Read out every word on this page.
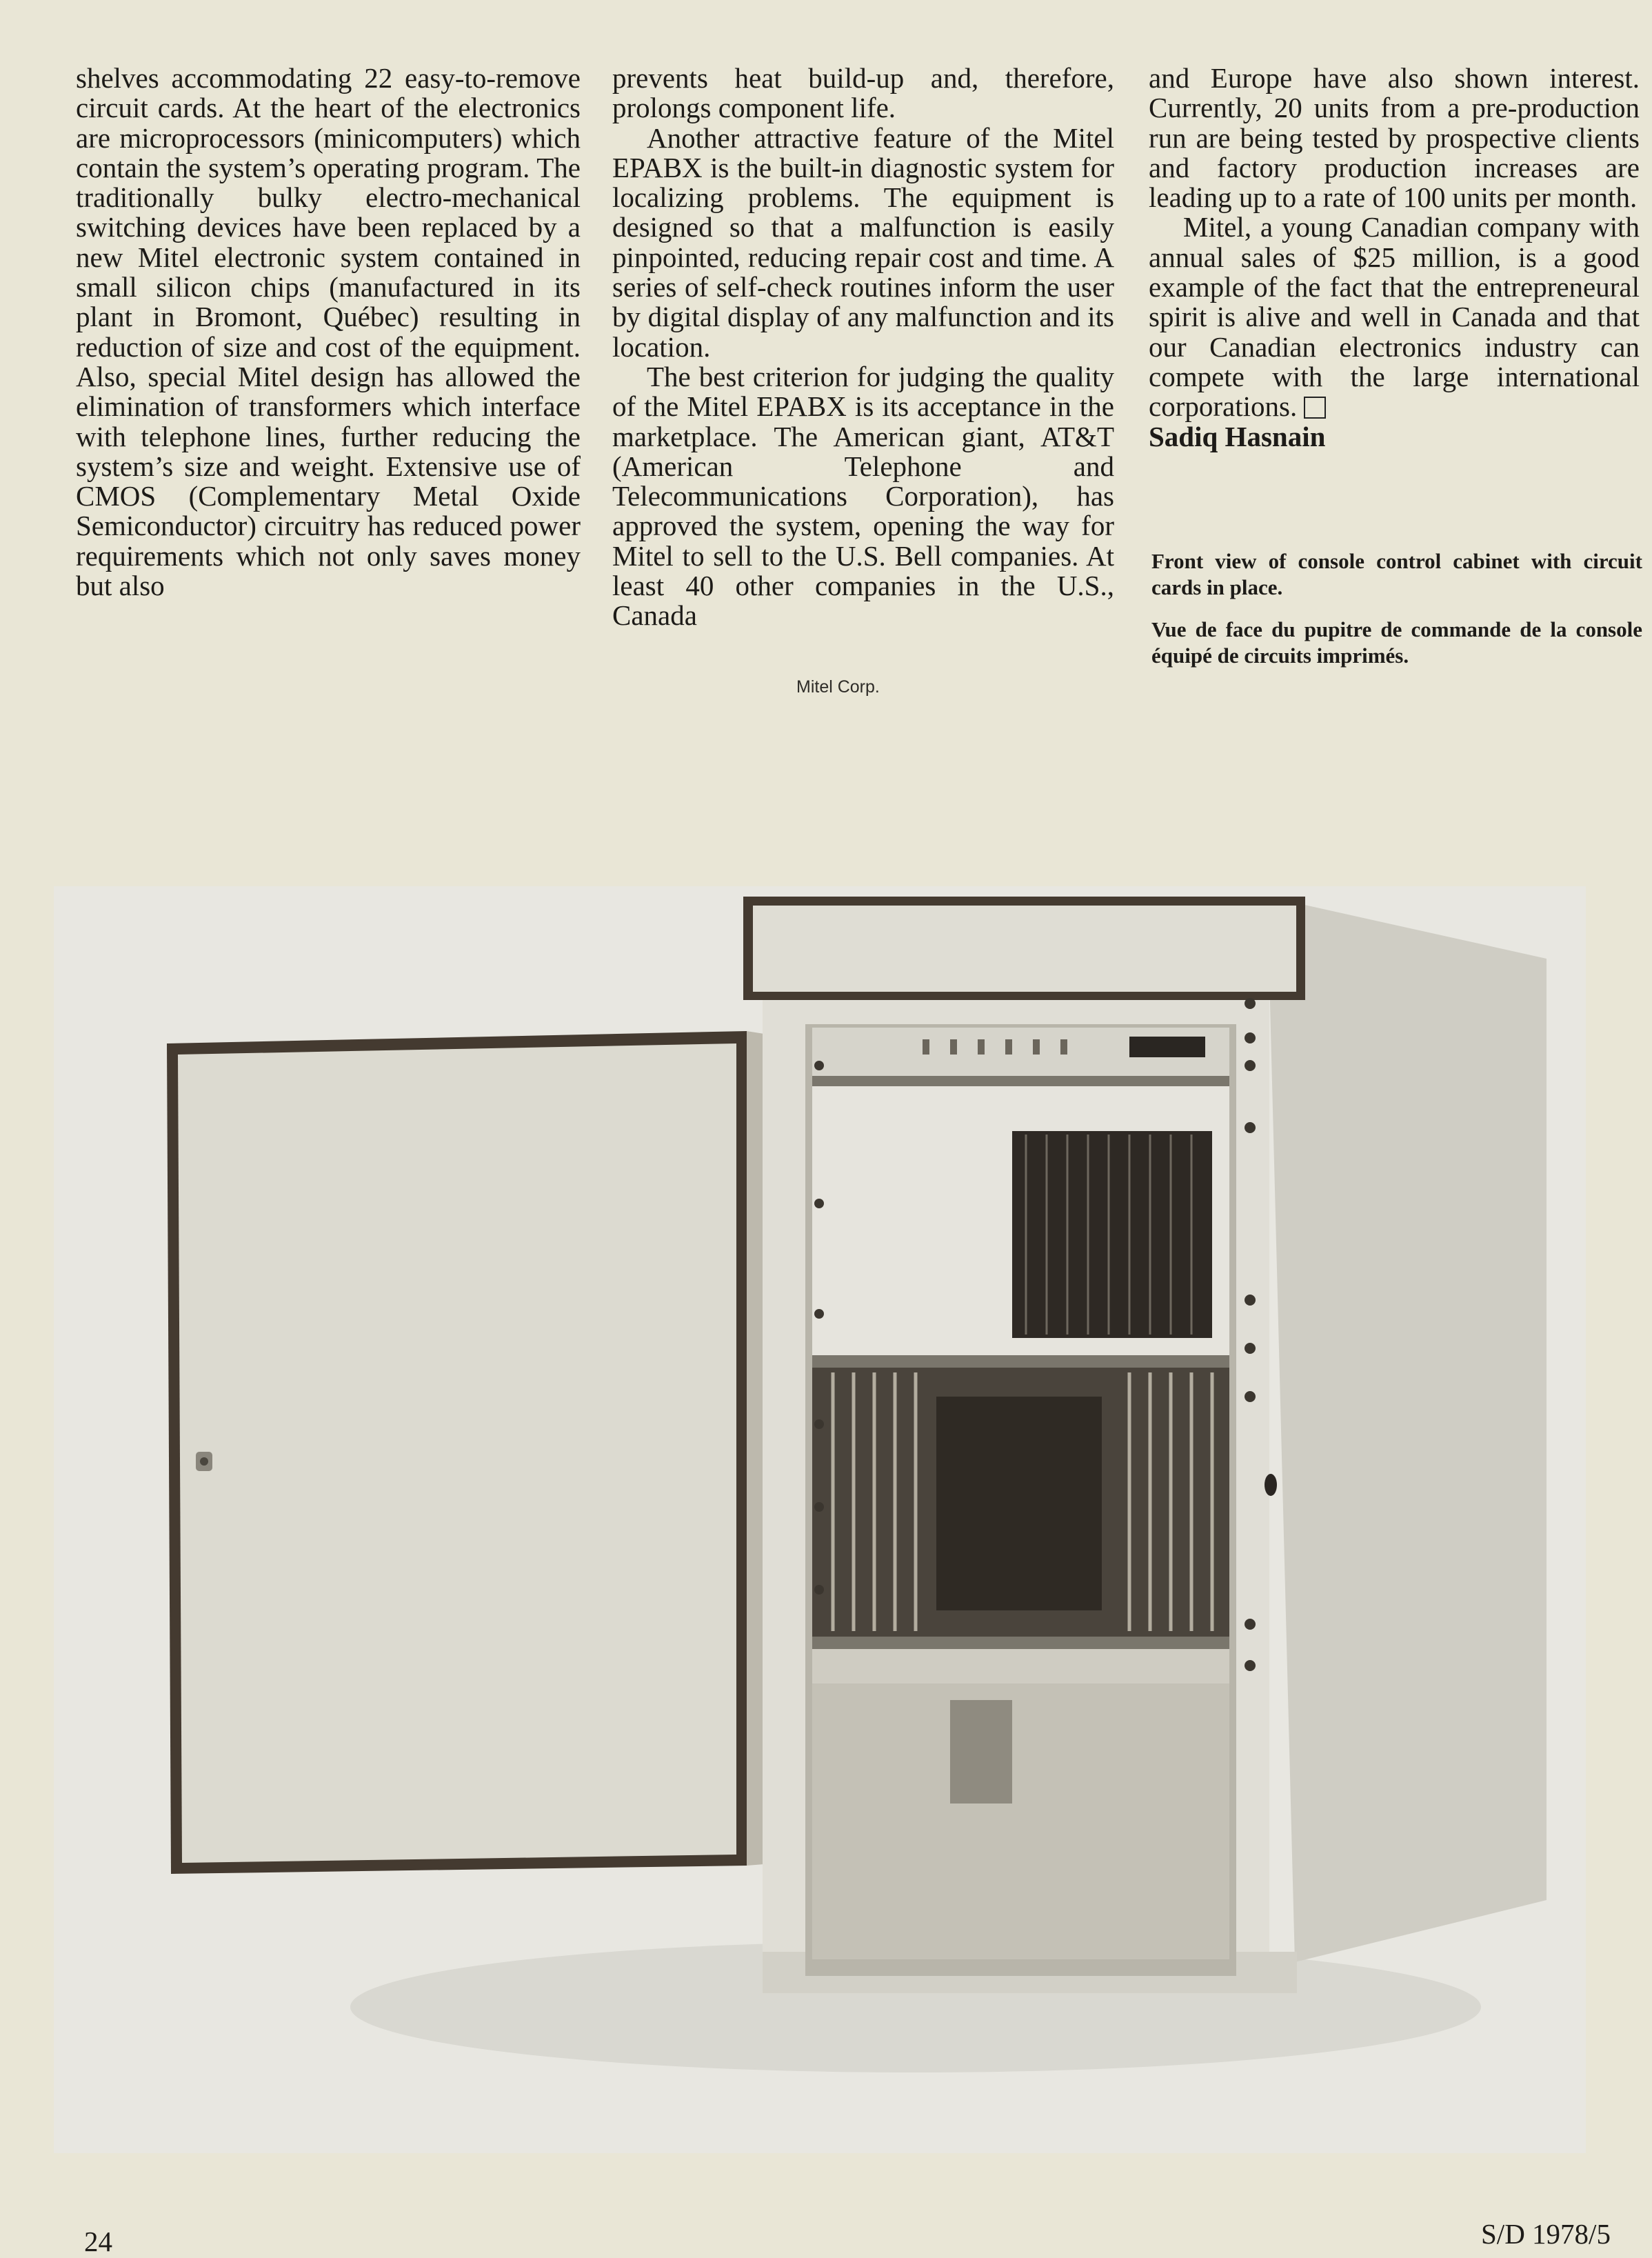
shelves accommodating 22 easy-to-remove circuit cards. At the heart of the electronics are microprocessors (minicomputers) which contain the system’s operating program. The traditionally bulky electro-mechanical switching devices have been replaced by a new Mitel electronic system contained in small silicon chips (manufactured in its plant in Bromont, Québec) resulting in reduction of size and cost of the equipment. Also, special Mitel design has allowed the elimination of transformers which interface with telephone lines, further reducing the system’s size and weight. Extensive use of CMOS (Complementary Metal Oxide Semiconductor) circuitry has reduced power requirements which not only saves money but also

prevents heat build-up and, therefore, prolongs component life.

Another attractive feature of the Mitel EPABX is the built-in diagnostic system for localizing problems. The equipment is designed so that a malfunction is easily pinpointed, reducing repair cost and time. A series of self-check routines inform the user by digital display of any malfunction and its location.

The best criterion for judging the quality of the Mitel EPABX is its acceptance in the marketplace. The American giant, AT&T (American Telephone and Telecommunications Corporation), has approved the system, opening the way for Mitel to sell to the U.S. Bell companies. At least 40 other companies in the U.S., Canada

and Europe have also shown interest. Currently, 20 units from a pre-production run are being tested by prospective clients and factory production increases are leading up to a rate of 100 units per month.

Mitel, a young Canadian company with annual sales of $25 million, is a good example of the fact that the entrepreneural spirit is alive and well in Canada and that our Canadian electronics industry can compete with the large international corporations.

Sadiq Hasnain

Front view of console control cabinet with circuit cards in place.
Vue de face du pupitre de commande de la console équipé de circuits imprimés.
Mitel Corp.
24	S/D 1978/5
